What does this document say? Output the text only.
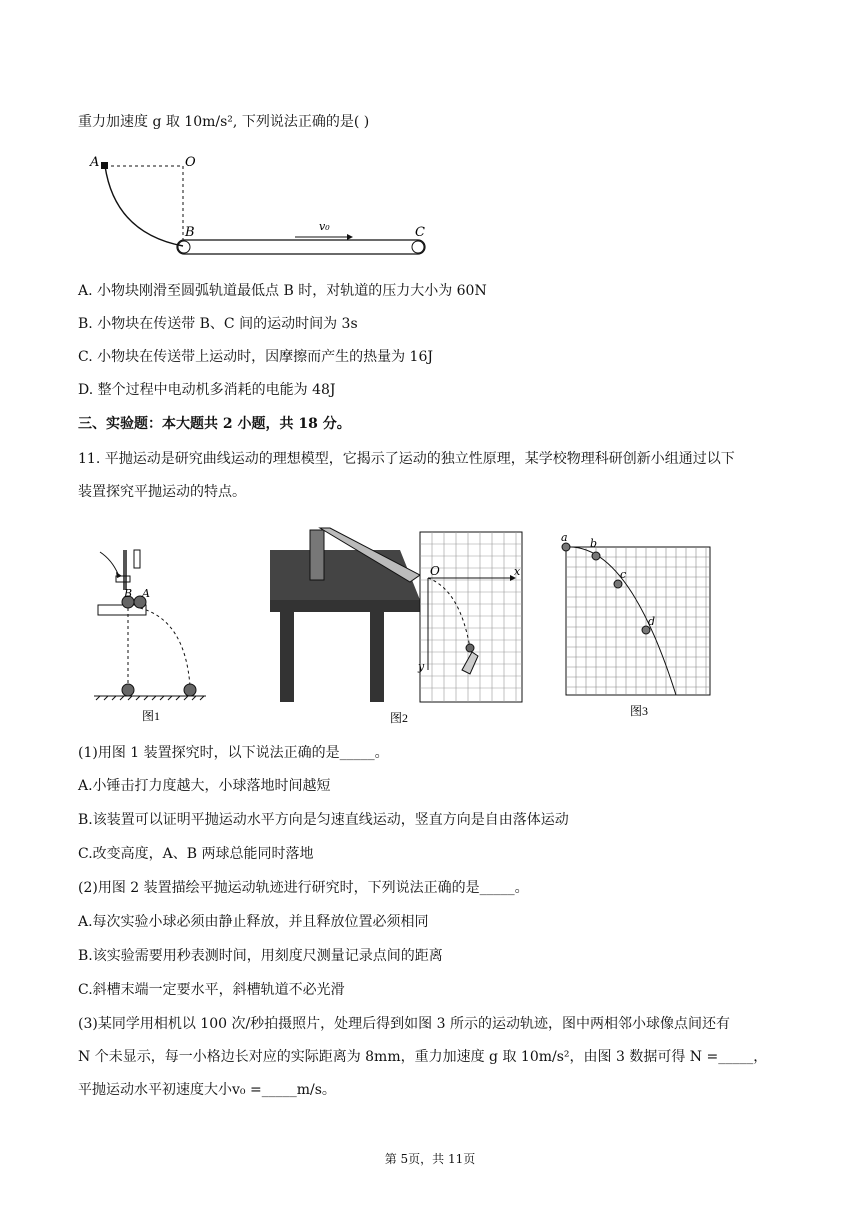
重力加速度 g 取 10m/s², 下列说法正确的是( )
A	O
B	C
v₀
A. 小物块刚滑至圆弧轨道最低点 B 时，对轨道的压力大小为 60N
B. 小物块在传送带 B、C 间的运动时间为 3s
C. 小物块在传送带上运动时，因摩擦而产生的热量为 16J
D. 整个过程中电动机多消耗的电能为 48J
三、实验题：本大题共 2 小题，共 18 分。
11. 平抛运动是研究曲线运动的理想模型，它揭示了运动的独立性原理，某学校物理科研创新小组通过以下
装置探究平抛运动的特点。
B A
图1
O	x
y
图2
a b
c
d
图3
(1)用图 1 装置探究时，以下说法正确的是_____。
A.小锤击打力度越大，小球落地时间越短
B.该装置可以证明平抛运动水平方向是匀速直线运动，竖直方向是自由落体运动
C.改变高度，A、B 两球总能同时落地
(2)用图 2 装置描绘平抛运动轨迹进行研究时，下列说法正确的是_____。
A.每次实验小球必须由静止释放，并且释放位置必须相同
B.该实验需要用秒表测时间，用刻度尺测量记录点间的距离
C.斜槽末端一定要水平，斜槽轨道不必光滑
(3)某同学用相机以 100 次/秒拍摄照片，处理后得到如图 3 所示的运动轨迹，图中两相邻小球像点间还有
N 个未显示，每一小格边长对应的实际距离为 8mm，重力加速度 g 取 10m/s²，由图 3 数据可得 N =_____，
平抛运动水平初速度大小v₀ =_____m/s。
第 5页，共 11页
